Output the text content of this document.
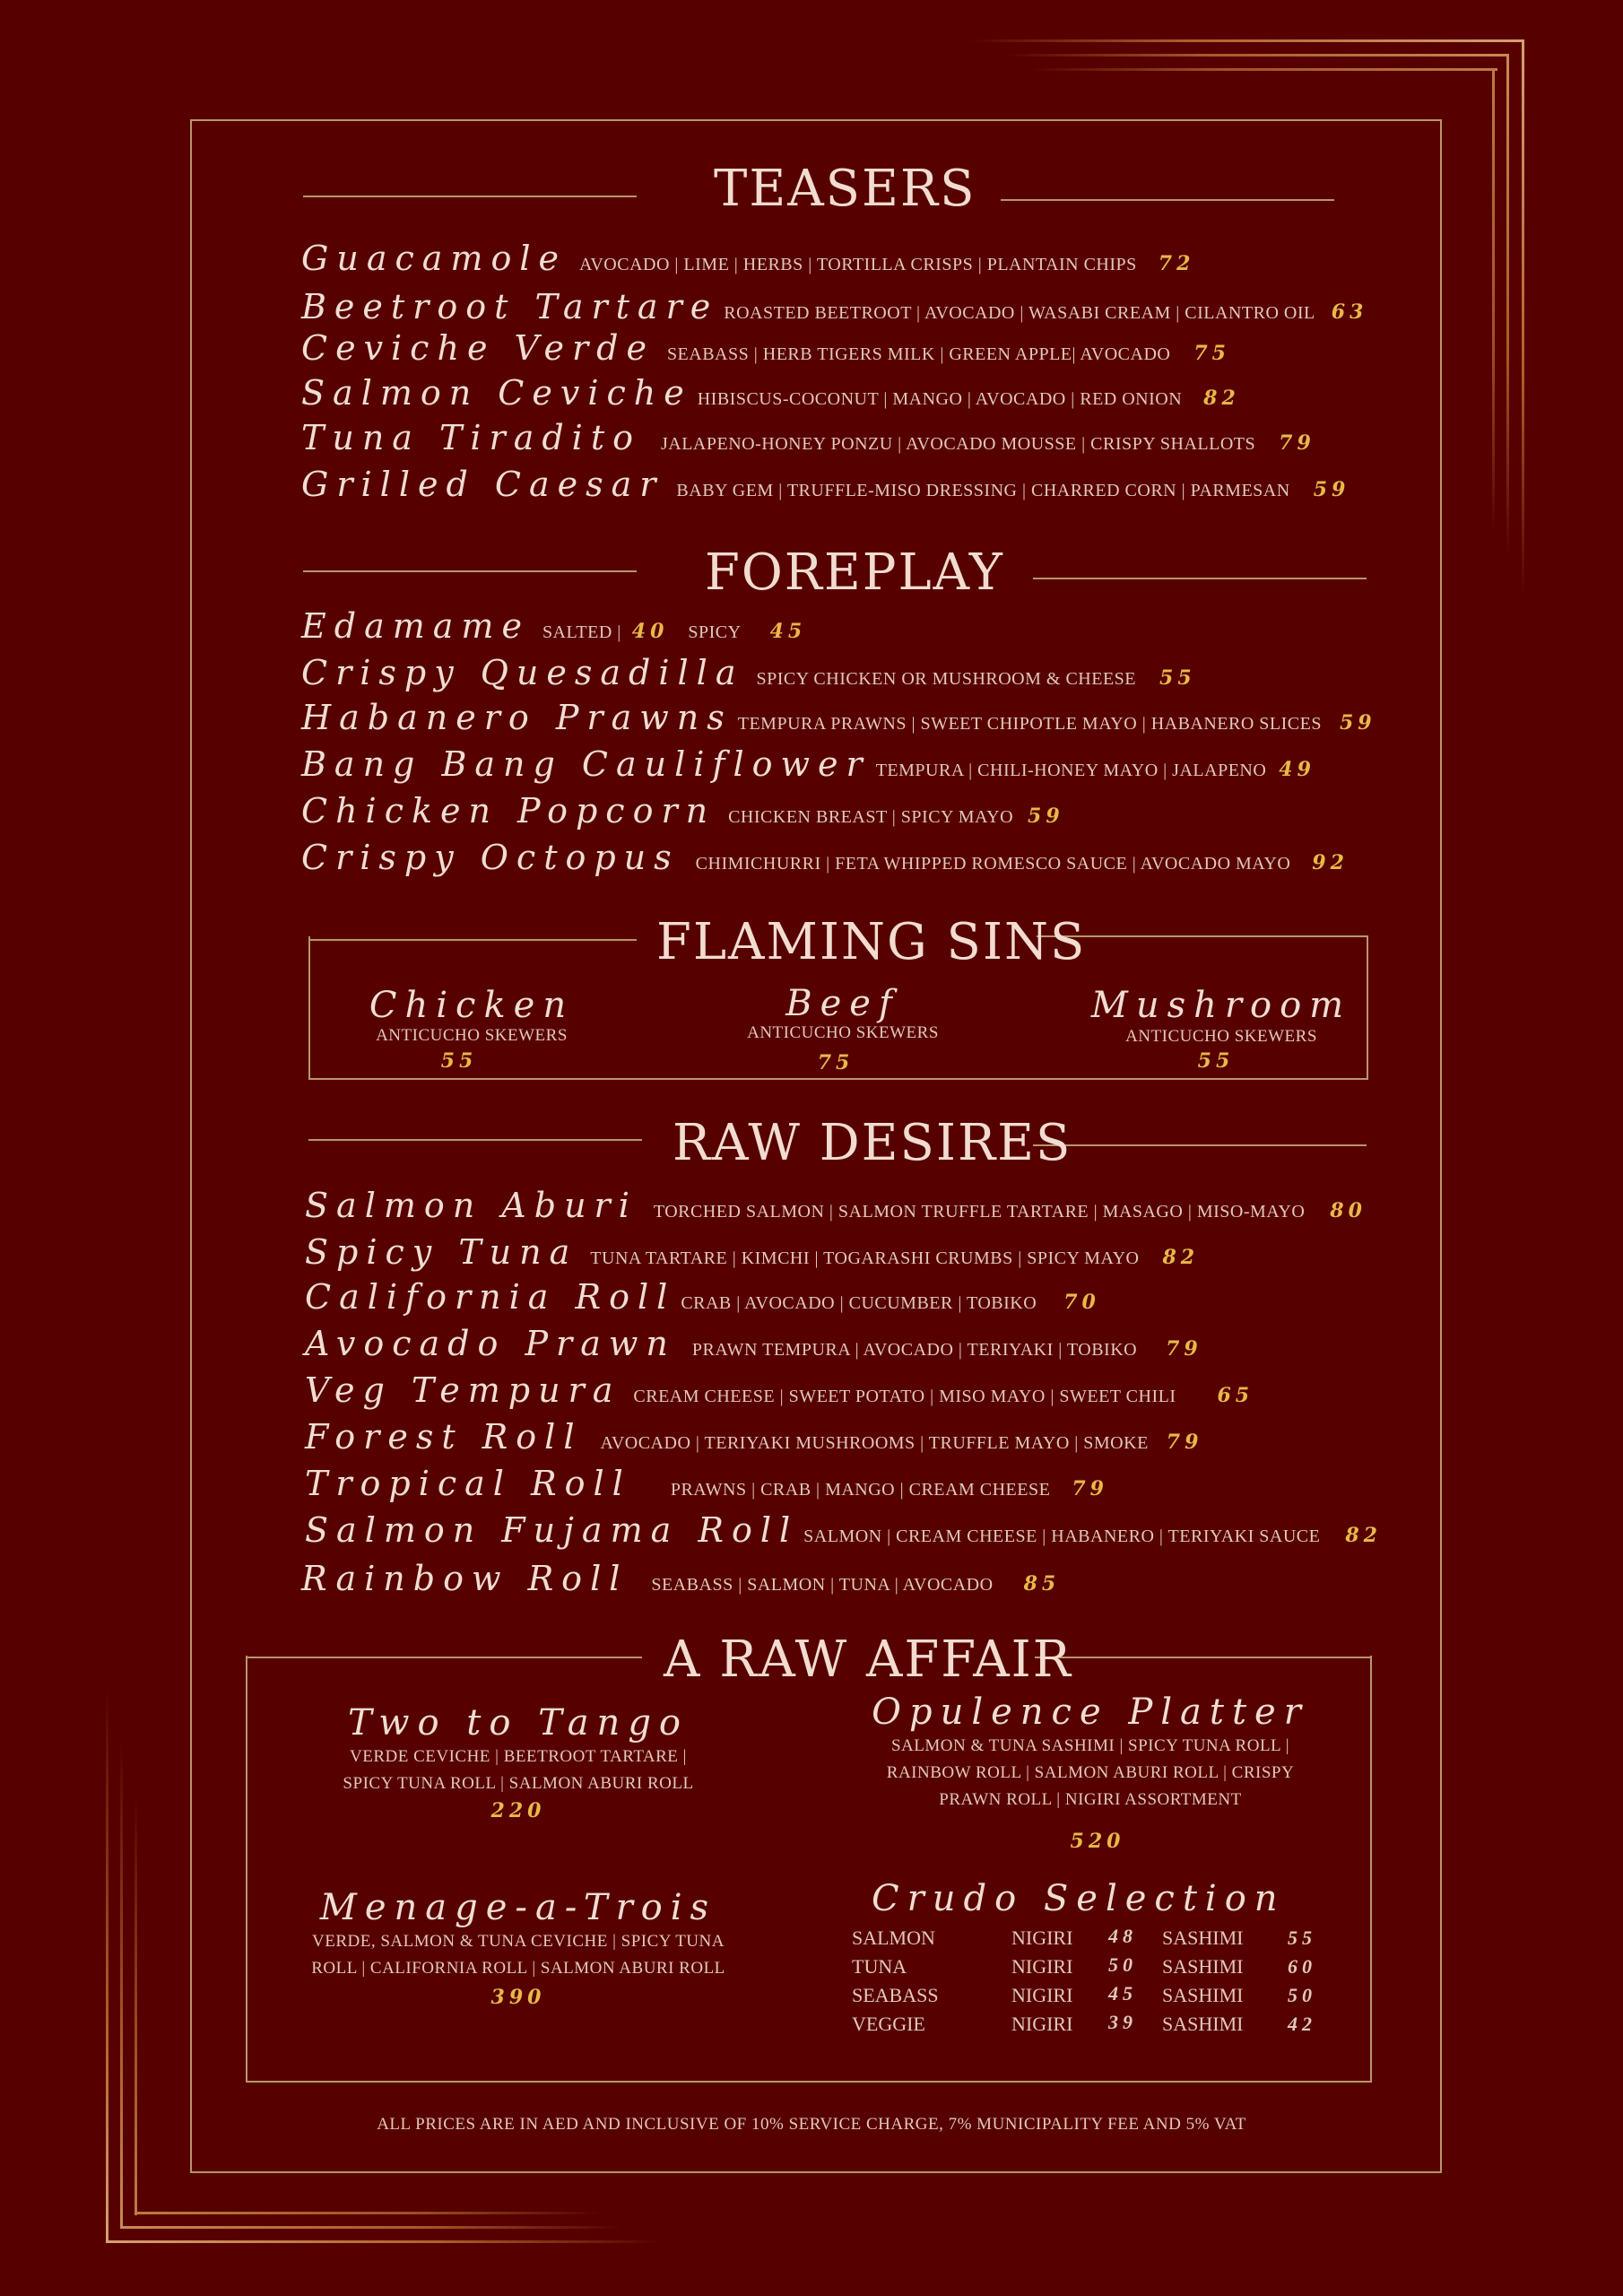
TEASERS
Guacamole AVOCADO | LIME | HERBS | TORTILLA CRISPS | PLANTAIN CHIPS 72
Beetroot Tartare ROASTED BEETROOT | AVOCADO | WASABI CREAM | CILANTRO OIL 63
Ceviche Verde SEABASS | HERB TIGERS MILK | GREEN APPLE| AVOCADO 75
Salmon Ceviche HIBISCUS-COCONUT | MANGO | AVOCADO | RED ONION 82
Tuna Tiradito JALAPENO-HONEY PONZU | AVOCADO MOUSSE | CRISPY SHALLOTS 79
Grilled Caesar BABY GEM | TRUFFLE-MISO DRESSING | CHARRED CORN | PARMESAN 59
FOREPLAY
Edamame SALTED | 40 SPICY 45
Crispy Quesadilla SPICY CHICKEN OR MUSHROOM & CHEESE 55
Habanero Prawns TEMPURA PRAWNS | SWEET CHIPOTLE MAYO | HABANERO SLICES 59
Bang Bang Cauliflower TEMPURA | CHILI-HONEY MAYO | JALAPENO 49
Chicken Popcorn CHICKEN BREAST | SPICY MAYO 59
Crispy Octopus CHIMICHURRI | FETA WHIPPED ROMESCO SAUCE | AVOCADO MAYO 92
FLAMING SINS
Chicken
ANTICUCHO SKEWERS
55
Beef
ANTICUCHO SKEWERS
75
Mushroom
ANTICUCHO SKEWERS
55
RAW DESIRES
Salmon Aburi TORCHED SALMON | SALMON TRUFFLE TARTARE | MASAGO | MISO-MAYO 80
Spicy Tuna TUNA TARTARE | KIMCHI | TOGARASHI CRUMBS | SPICY MAYO 82
California Roll CRAB | AVOCADO | CUCUMBER | TOBIKO 70
Avocado Prawn PRAWN TEMPURA | AVOCADO | TERIYAKI | TOBIKO 79
Veg Tempura CREAM CHEESE | SWEET POTATO | MISO MAYO | SWEET CHILI 65
Forest Roll AVOCADO | TERIYAKI MUSHROOMS | TRUFFLE MAYO | SMOKE 79
Tropical Roll PRAWNS | CRAB | MANGO | CREAM CHEESE 79
Salmon Fujama Roll SALMON | CREAM CHEESE | HABANERO | TERIYAKI SAUCE 82
Rainbow Roll SEABASS | SALMON | TUNA | AVOCADO 85
A RAW AFFAIR
Two to Tango
VERDE CEVICHE | BEETROOT TARTARE |
SPICY TUNA ROLL | SALMON ABURI ROLL
220
Opulence Platter
SALMON & TUNA SASHIMI | SPICY TUNA ROLL |
RAINBOW ROLL | SALMON ABURI ROLL | CRISPY
PRAWN ROLL | NIGIRI ASSORTMENT
520
Menage-a-Trois
VERDE, SALMON & TUNA CEVICHE | SPICY TUNA
ROLL | CALIFORNIA ROLL | SALMON ABURI ROLL
390
Crudo Selection
SALMON	NIGIRI 48 SASHIMI 55
TUNA	NIGIRI 50 SASHIMI 60
SEABASS	NIGIRI 45 SASHIMI 50
VEGGIE	NIGIRI 39 SASHIMI 42
ALL PRICES ARE IN AED AND INCLUSIVE OF 10% SERVICE CHARGE, 7% MUNICIPALITY FEE AND 5% VAT
